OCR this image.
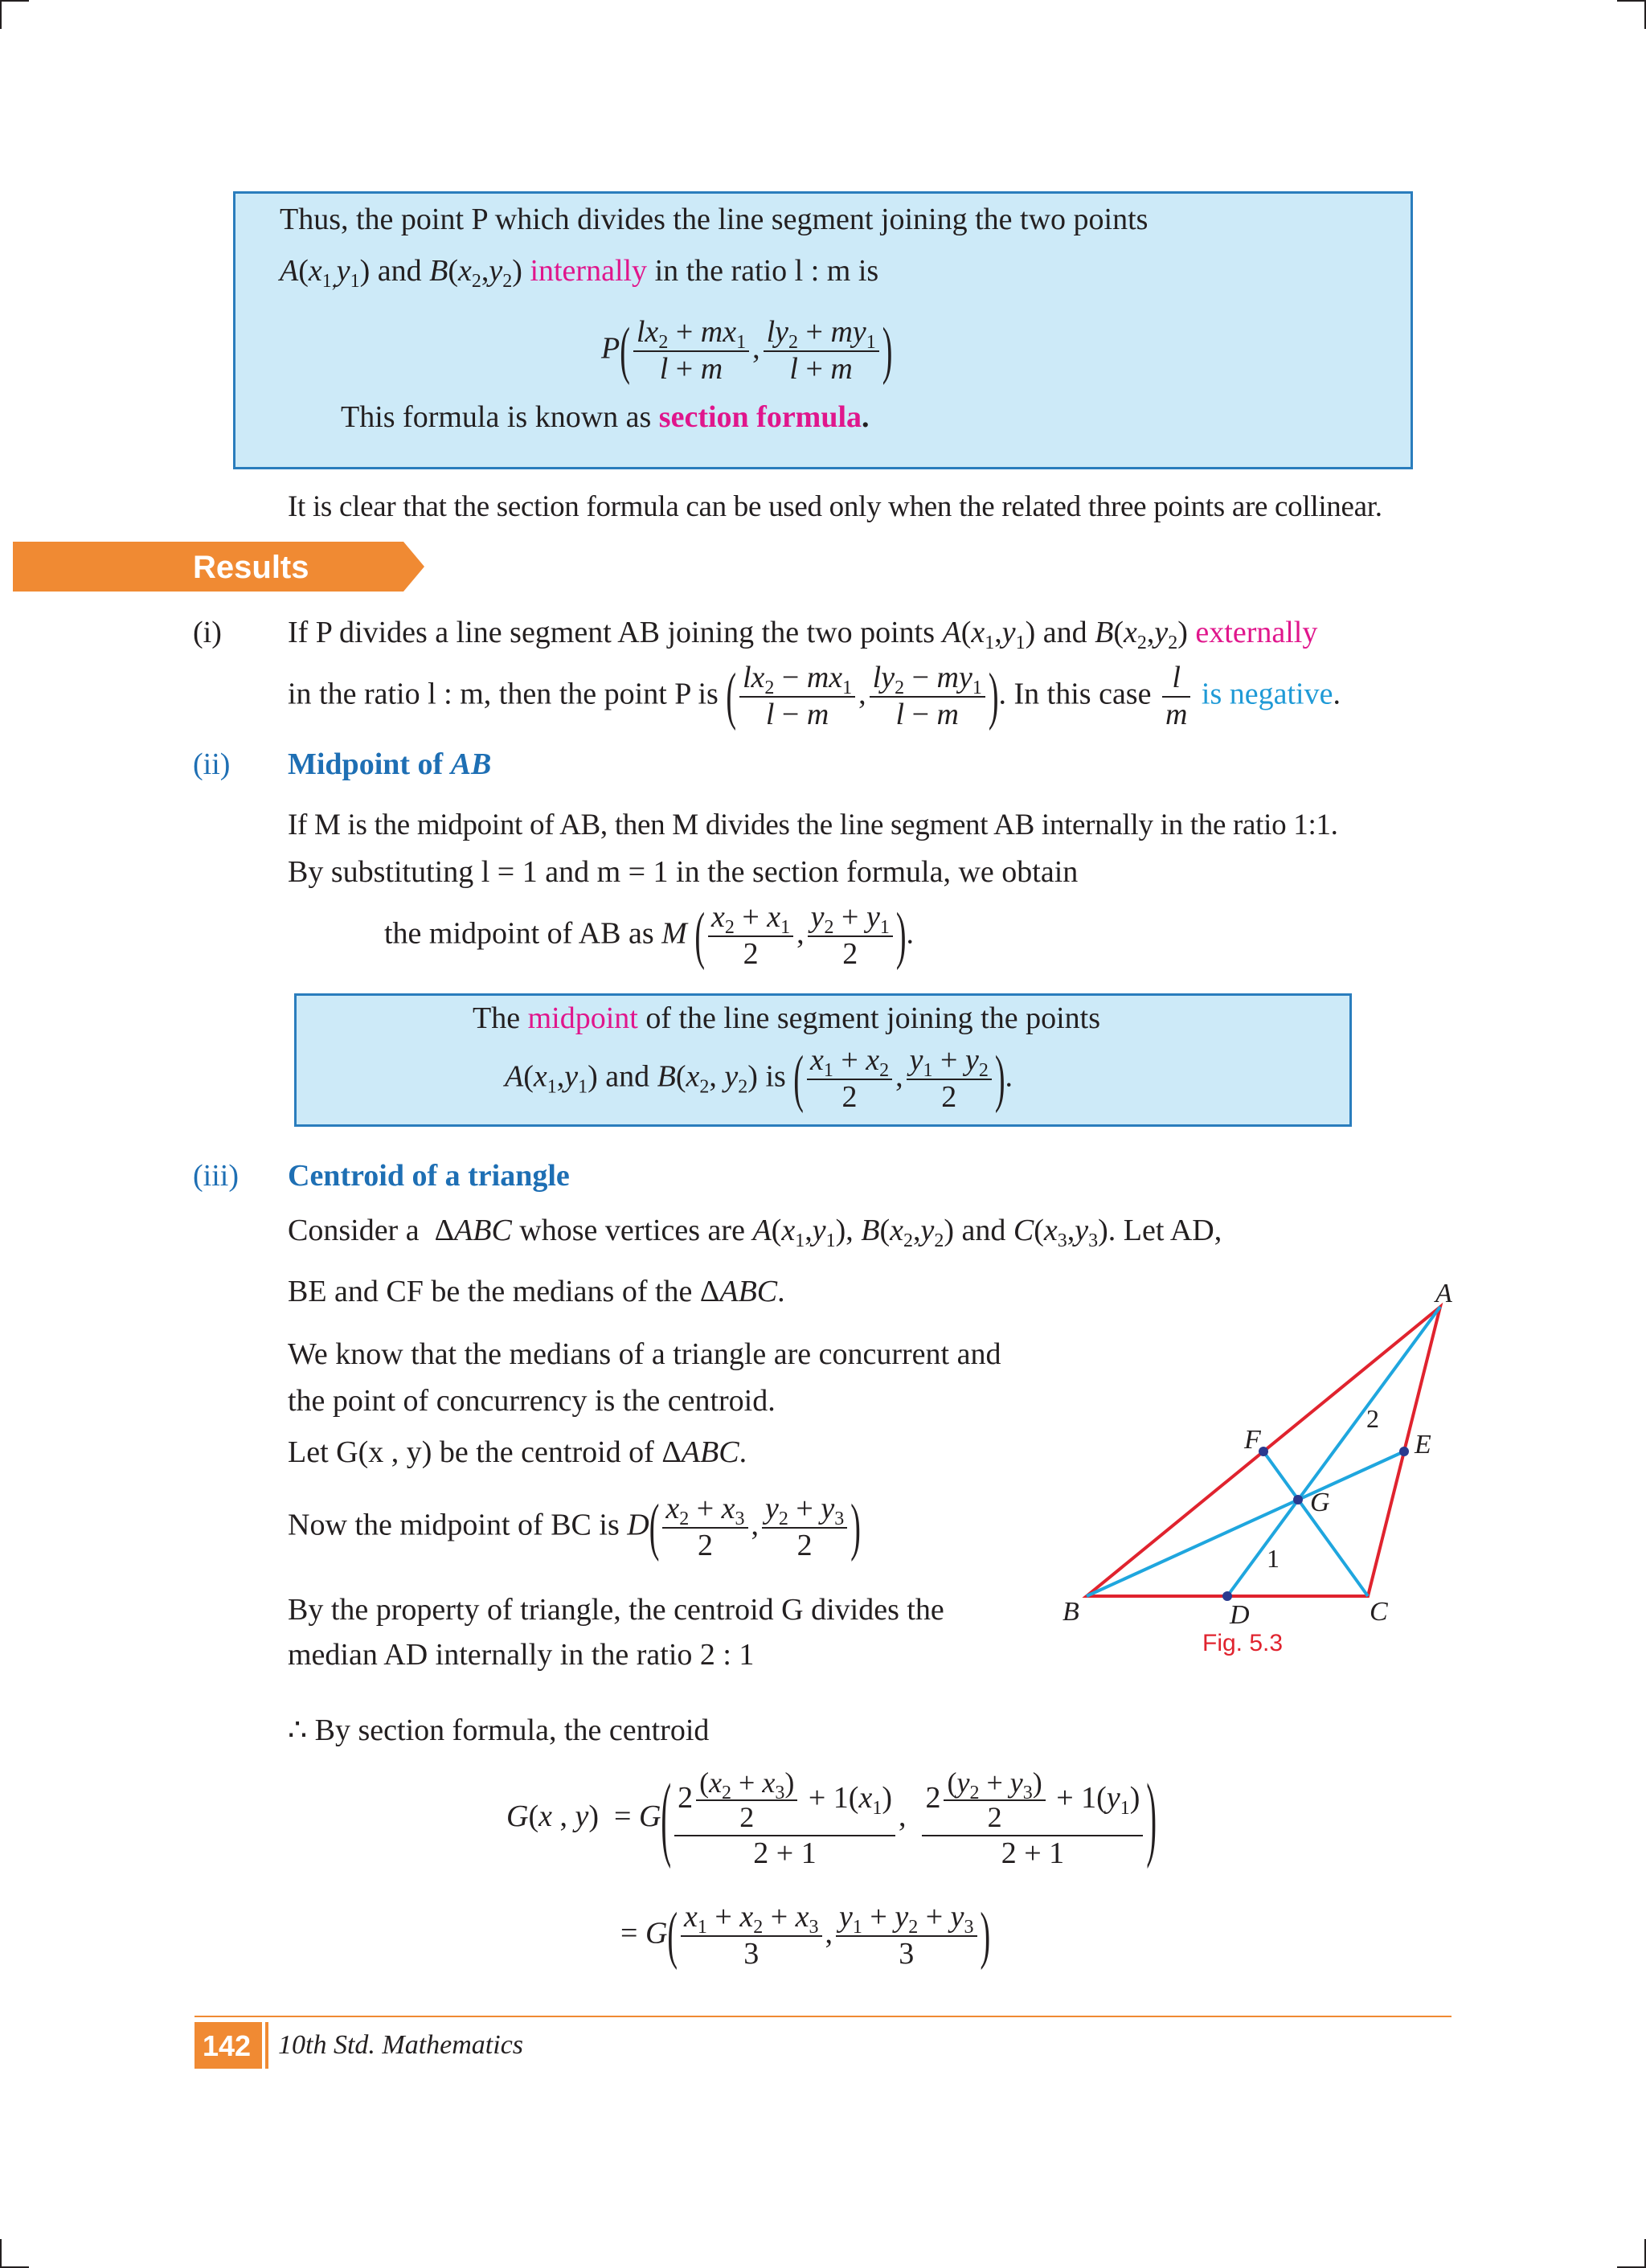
Thus, the point P which divides the line segment joining the two points
$A(x_{1,}y_1)$ and $B(x_2,y_2)$ internally in the ratio l : m is
$P( \frac{lx_2 + mx_1}{l + m}$ , $\frac{ly_2 + my_1}{l + m}$ )
This formula is known as section formula.
It is clear that the section formula can be used only when the related three points are collinear.
Results
(i) If P divides a line segment AB joining the two points $A(x_1,y_1)$ and $B(x_2,y_2)$ externally
in the ratio l : m, then the point P is ( $\frac{lx_2 - mx_1}{l - m}$ , $\frac{ly_2 - my_1}{l - m}$ ). In this case $\frac{l}{m}$ is negative.
(ii) Midpoint of AB
If M is the midpoint of AB, then M divides the line segment AB internally in the ratio 1:1.
By substituting l = 1 and m = 1 in the section formula, we obtain
the midpoint of AB as M ( $\frac{x_2 + x_1}{2}$ , $\frac{y_2 + y_1}{2}$ ).
The midpoint of the line segment joining the points
$A(x_1,y_1)$ and $B(x_2$, $y_2$) is ( $\frac{x_1 + x_2}{2}$ , $\frac{y_1 + y_2}{2}$ ).
(iii) Centroid of a triangle
Consider a  ΔABC whose vertices are $A(x_1,y_1)$, $B(x_2,y_2)$ and $C(x_3,y_3)$. Let AD,
BE and CF be the medians of the ΔABC.
We know that the medians of a triangle are concurrent and
the point of concurrency is the centroid.
Let G(x , y) be the centroid of ΔABC.
Now the midpoint of BC is $D( \frac{x_2 + x_3}{2}$ , $\frac{y_2 + y_3}{2}$ )
By the property of triangle, the centroid G divides the
median AD internally in the ratio 2 : 1
∴ By section formula, the centroid
G(x , $y) = G( \frac{2 \frac{(x_2 + x_3)}{2} + 1(x_1)}{2 + 1}$ , $\frac{2 \frac{(y_2 + y_3)}{2} + 1(y_1)}{2 + 1}$ )
= $G( \frac{x_1 + x_2 + x_3}{3}$ , $\frac{y_1 + y_2 + y_3}{3}$ )
A
B	C
D
E
F
G
2
1
Fig. 5.3
142 10th Std. Mathematics
